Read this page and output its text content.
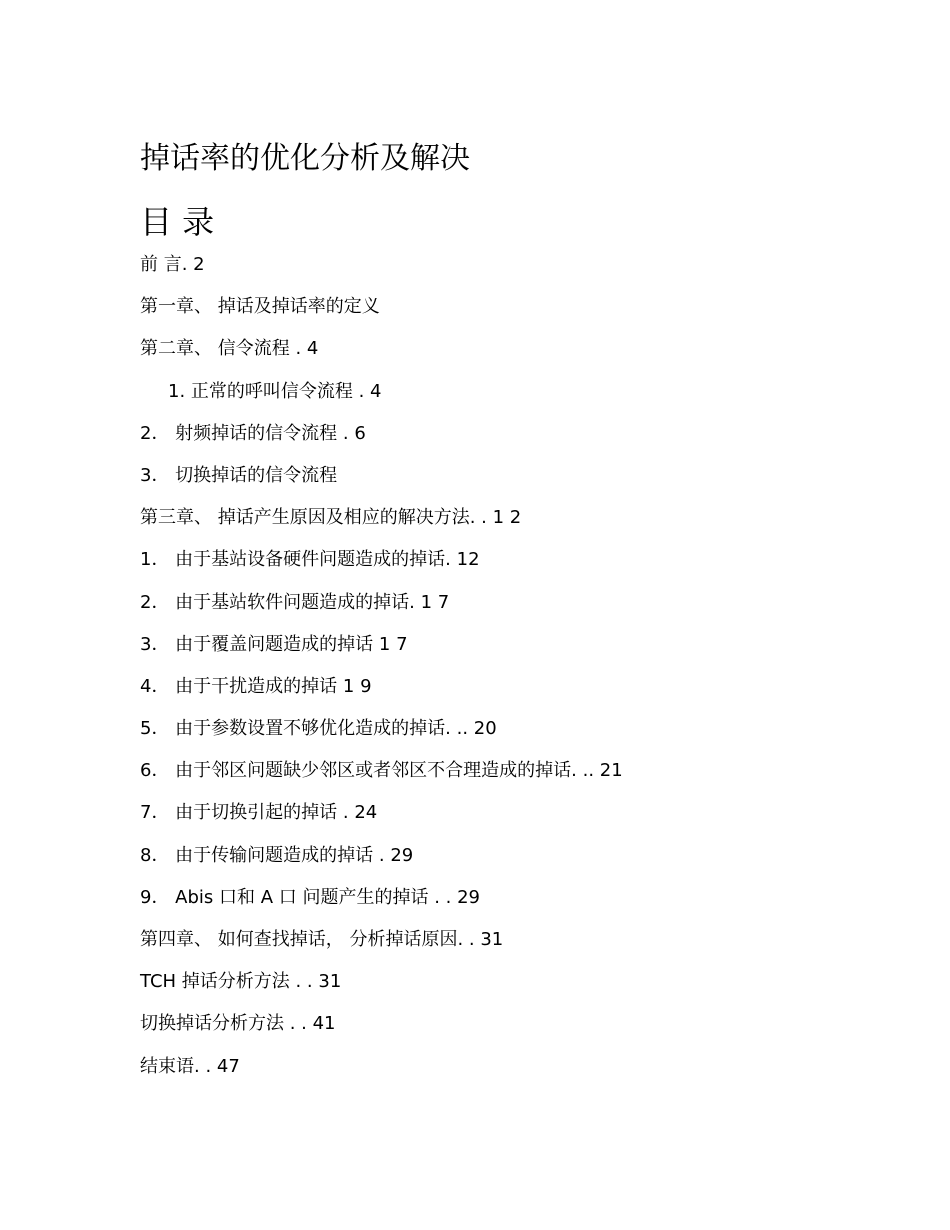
掉话率的优化分析及解决
目 录
前 言. 2
第一章、 掉话及掉话率的定义
第二章、 信令流程 . 4
1. 正常的呼叫信令流程 . 4
2． 射频掉话的信令流程 . 6
3． 切换掉话的信令流程
第三章、 掉话产生原因及相应的解决方法. . 1 2
1． 由于基站设备硬件问题造成的掉话. 12
2． 由于基站软件问题造成的掉话. 1 7
3． 由于覆盖问题造成的掉话 1 7
4． 由于干扰造成的掉话 1 9
5． 由于参数设置不够优化造成的掉话. .. 20
6． 由于邻区问题缺少邻区或者邻区不合理造成的掉话. .. 21
7． 由于切换引起的掉话 . 24
8． 由于传输问题造成的掉话 . 29
9． Abis 口和 A 口 问题产生的掉话 . . 29
第四章、 如何查找掉话， 分析掉话原因. . 31
TCH 掉话分析方法 . . 31
切换掉话分析方法 . . 41
结束语. . 47
